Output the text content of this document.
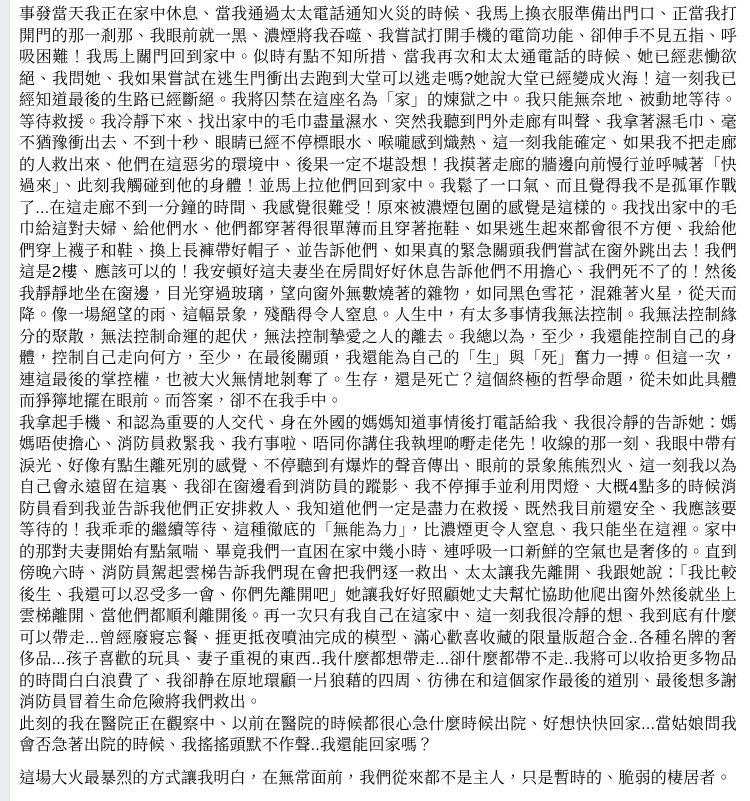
事發當天我正在家中休息、當我通過太太電話通知火災的時候、我馬上換衣服準備出門口、正當我打開門的那一剎那、我眼前就一黑、濃煙將我吞噬、我嘗試打開手機的電筒功能、卻伸手不見五指、呼吸困難！我馬上關門回到家中。似時有點不知所措、當我再次和太太通電話的時候、她已經悲慟欲絕、我問她、我如果嘗試在逃生門衝出去跑到大堂可以逃走嗎?她說大堂已經變成火海！這一刻我已經知道最後的生路已經斷絕。我將囚禁在這座名為「家」的煉獄之中。我只能無奈地、被動地等待。等待救援。我冷靜下來、找出家中的毛巾盡量濕水、突然我聽到門外走廊有叫聲、我拿著濕毛巾、毫不猶豫衝出去、不到十秒、眼睛已經不停標眼水、喉嚨感到熾熱、這一刻我能確定、如果我不把走廊的人救出來、他們在這惡劣的環境中、後果一定不堪設想！我摸著走廊的牆邊向前慢行並呼喊著「快過來」、此刻我觸碰到他的身體！並馬上拉他們回到家中。我鬆了一口氣、而且覺得我不是孤軍作戰了...在這走廊不到一分鐘的時間、我感覺很難受！原來被濃煙包圍的感覺是這樣的。我找出家中的毛巾給這對夫婦、給他們水、他們都穿著得很單薄而且穿著拖鞋、如果逃生起來都會很不方便、我給他們穿上襪子和鞋、換上長褲帶好帽子、並告訴他們、如果真的緊急關頭我們嘗試在窗外跳出去！我們這是2樓、應該可以的！我安頓好這夫妻坐在房間好好休息告訴他們不用擔心、我們死不了的！然後我靜靜地坐在窗邊，目光穿過玻璃，望向窗外無數燒著的雜物，如同黑色雪花，混雜著火星，從天而降。像一場絕望的雨、這幅景象，殘酷得令人窒息。人生中，有太多事情我無法控制。我無法控制緣分的聚散，無法控制命運的起伏，無法控制摯愛之人的離去。我總以為，至少，我還能控制自己的身體，控制自己走向何方，至少，在最後關頭，我還能為自己的「生」與「死」奮力一搏。但這一次，連這最後的掌控權，也被大火無情地剝奪了。生存，還是死亡？這個終極的哲學命題，從未如此具體而猙獰地擺在眼前。而答案，卻不在我手中。

我拿起手機、和認為重要的人交代、身在外國的媽媽知道事情後打電話給我、我很冷靜的告訴她：媽媽唔使擔心、消防員救緊我、我冇事啦、唔同你講住我執埋啲嘢走佬先！收線的那一刻、我眼中帶有淚光、好像有點生離死別的感覺、不停聽到有爆炸的聲音傳出、眼前的景象熊熊烈火、這一刻我以為自己會永遠留在這裏、我卻在窗邊看到消防員的蹤影、我不停揮手並利用閃燈、大概4點多的時候消防員看到我並告訴我他們正安排救人、我知道他們一定是盡力在救援、既然我目前還安全、我應該要等待的！我乖乖的繼續等待、這種徹底的「無能為力」，比濃煙更令人窒息、我只能坐在這裡。家中的那對夫妻開始有點氣喘、畢竟我們一直困在家中幾小時、連呼吸一口新鮮的空氣也是奢侈的。直到傍晚六時、消防員駕起雲梯告訴我們現在會把我們逐一救出、太太讓我先離開、我跟她說：「我比較後生、我還可以忍受多一會、你們先離開吧」她讓我好好照顧她丈夫幫忙協助他爬出窗外然後就坐上雲梯離開、當他們都順利離開後。再一次只有我自己在這家中、這一刻我很冷靜的想、我到底有什麼可以帶走...曾經廢寢忘餐、捱更抵夜噴油完成的模型、滿心歡喜收藏的限量版超合金..各種名牌的奢侈品...孩子喜歡的玩具、妻子重視的東西..我什麼都想帶走...卻什麼都帶不走..我將可以收拾更多物品的時間白白浪費了、我卻静在原地環顧一片狼藉的四周、彷彿在和這個家作最後的道別、最後想多謝消防員冒着生命危險將我們救出。

此刻的我在醫院正在觀察中、以前在醫院的時候都很心急什麼時候出院、好想快快回家...當姑娘問我會否急著出院的時候、我搖搖頭默不作聲..我還能回家嗎？

這場大火最暴烈的方式讓我明白，在無常面前，我們從來都不是主人，只是暫時的、脆弱的棲居者。
